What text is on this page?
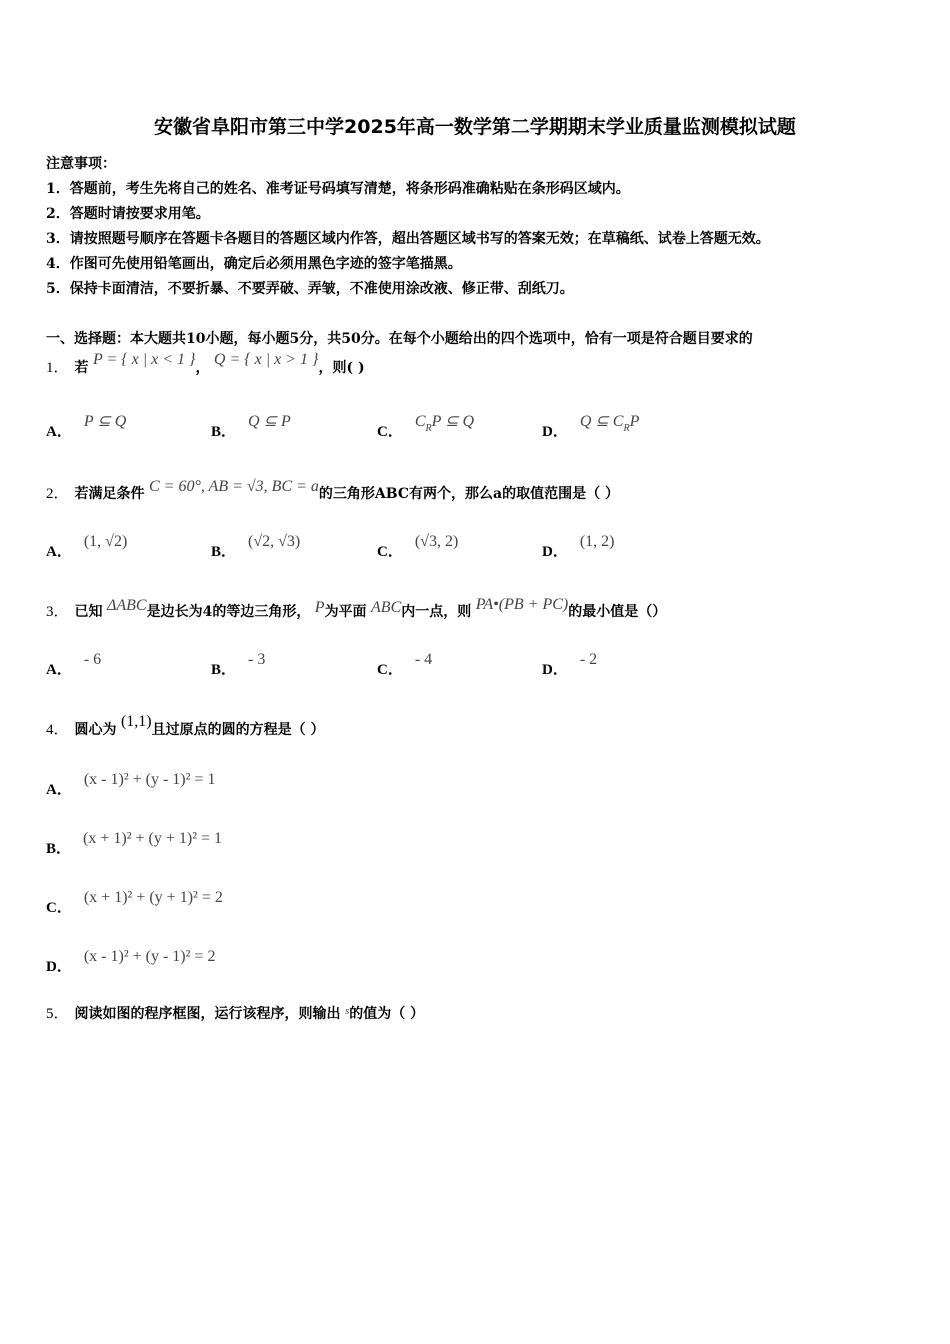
安徽省阜阳市第三中学2025年高一数学第二学期期末学业质量监测模拟试题
注意事项：
1．答题前，考生先将自己的姓名、准考证号码填写清楚，将条形码准确粘贴在条形码区域内。
2．答题时请按要求用笔。
3．请按照题号顺序在答题卡各题目的答题区域内作答，超出答题区域书写的答案无效；在草稿纸、试卷上答题无效。
4．作图可先使用铅笔画出，确定后必须用黑色字迹的签字笔描黑。
5．保持卡面清洁，不要折暴、不要弄破、弄皱，不准使用涂改液、修正带、刮纸刀。
一、选择题：本大题共10小题，每小题5分，共50分。在每个小题给出的四个选项中，恰有一项是符合题目要求的
1． 若 P = { x | x < 1 }， Q = { x | x > 1 }，则( )
A．P ⊆ Q
B．Q ⊆ P
C．$C_RP$ ⊆ Q
D．Q ⊆ $C_RP$
2． 若满足条件 C = 60°, AB = √3, BC = a的三角形ABC有两个，那么a的取值范围是（ ）
A．(1, √2)
B．(√2, √3)
C．(√3, 2)
D．(1, 2)
3． 已知 ΔABC是边长为4的等边三角形， P为平面 ABC内一点，则 PA•(PB + PC)的最小值是（）
A．- 6
B．- 3
C．- 4
D．- 2
4． 圆心为 (1,1)且过原点的圆的方程是（ ）
A．(x - 1)² + (y - 1)² = 1
B．(x + 1)² + (y + 1)² = 1
C．(x + 1)² + (y + 1)² = 2
D．(x - 1)² + (y - 1)² = 2
5． 阅读如图的程序框图，运行该程序，则输出 $^s$的值为（ ）
